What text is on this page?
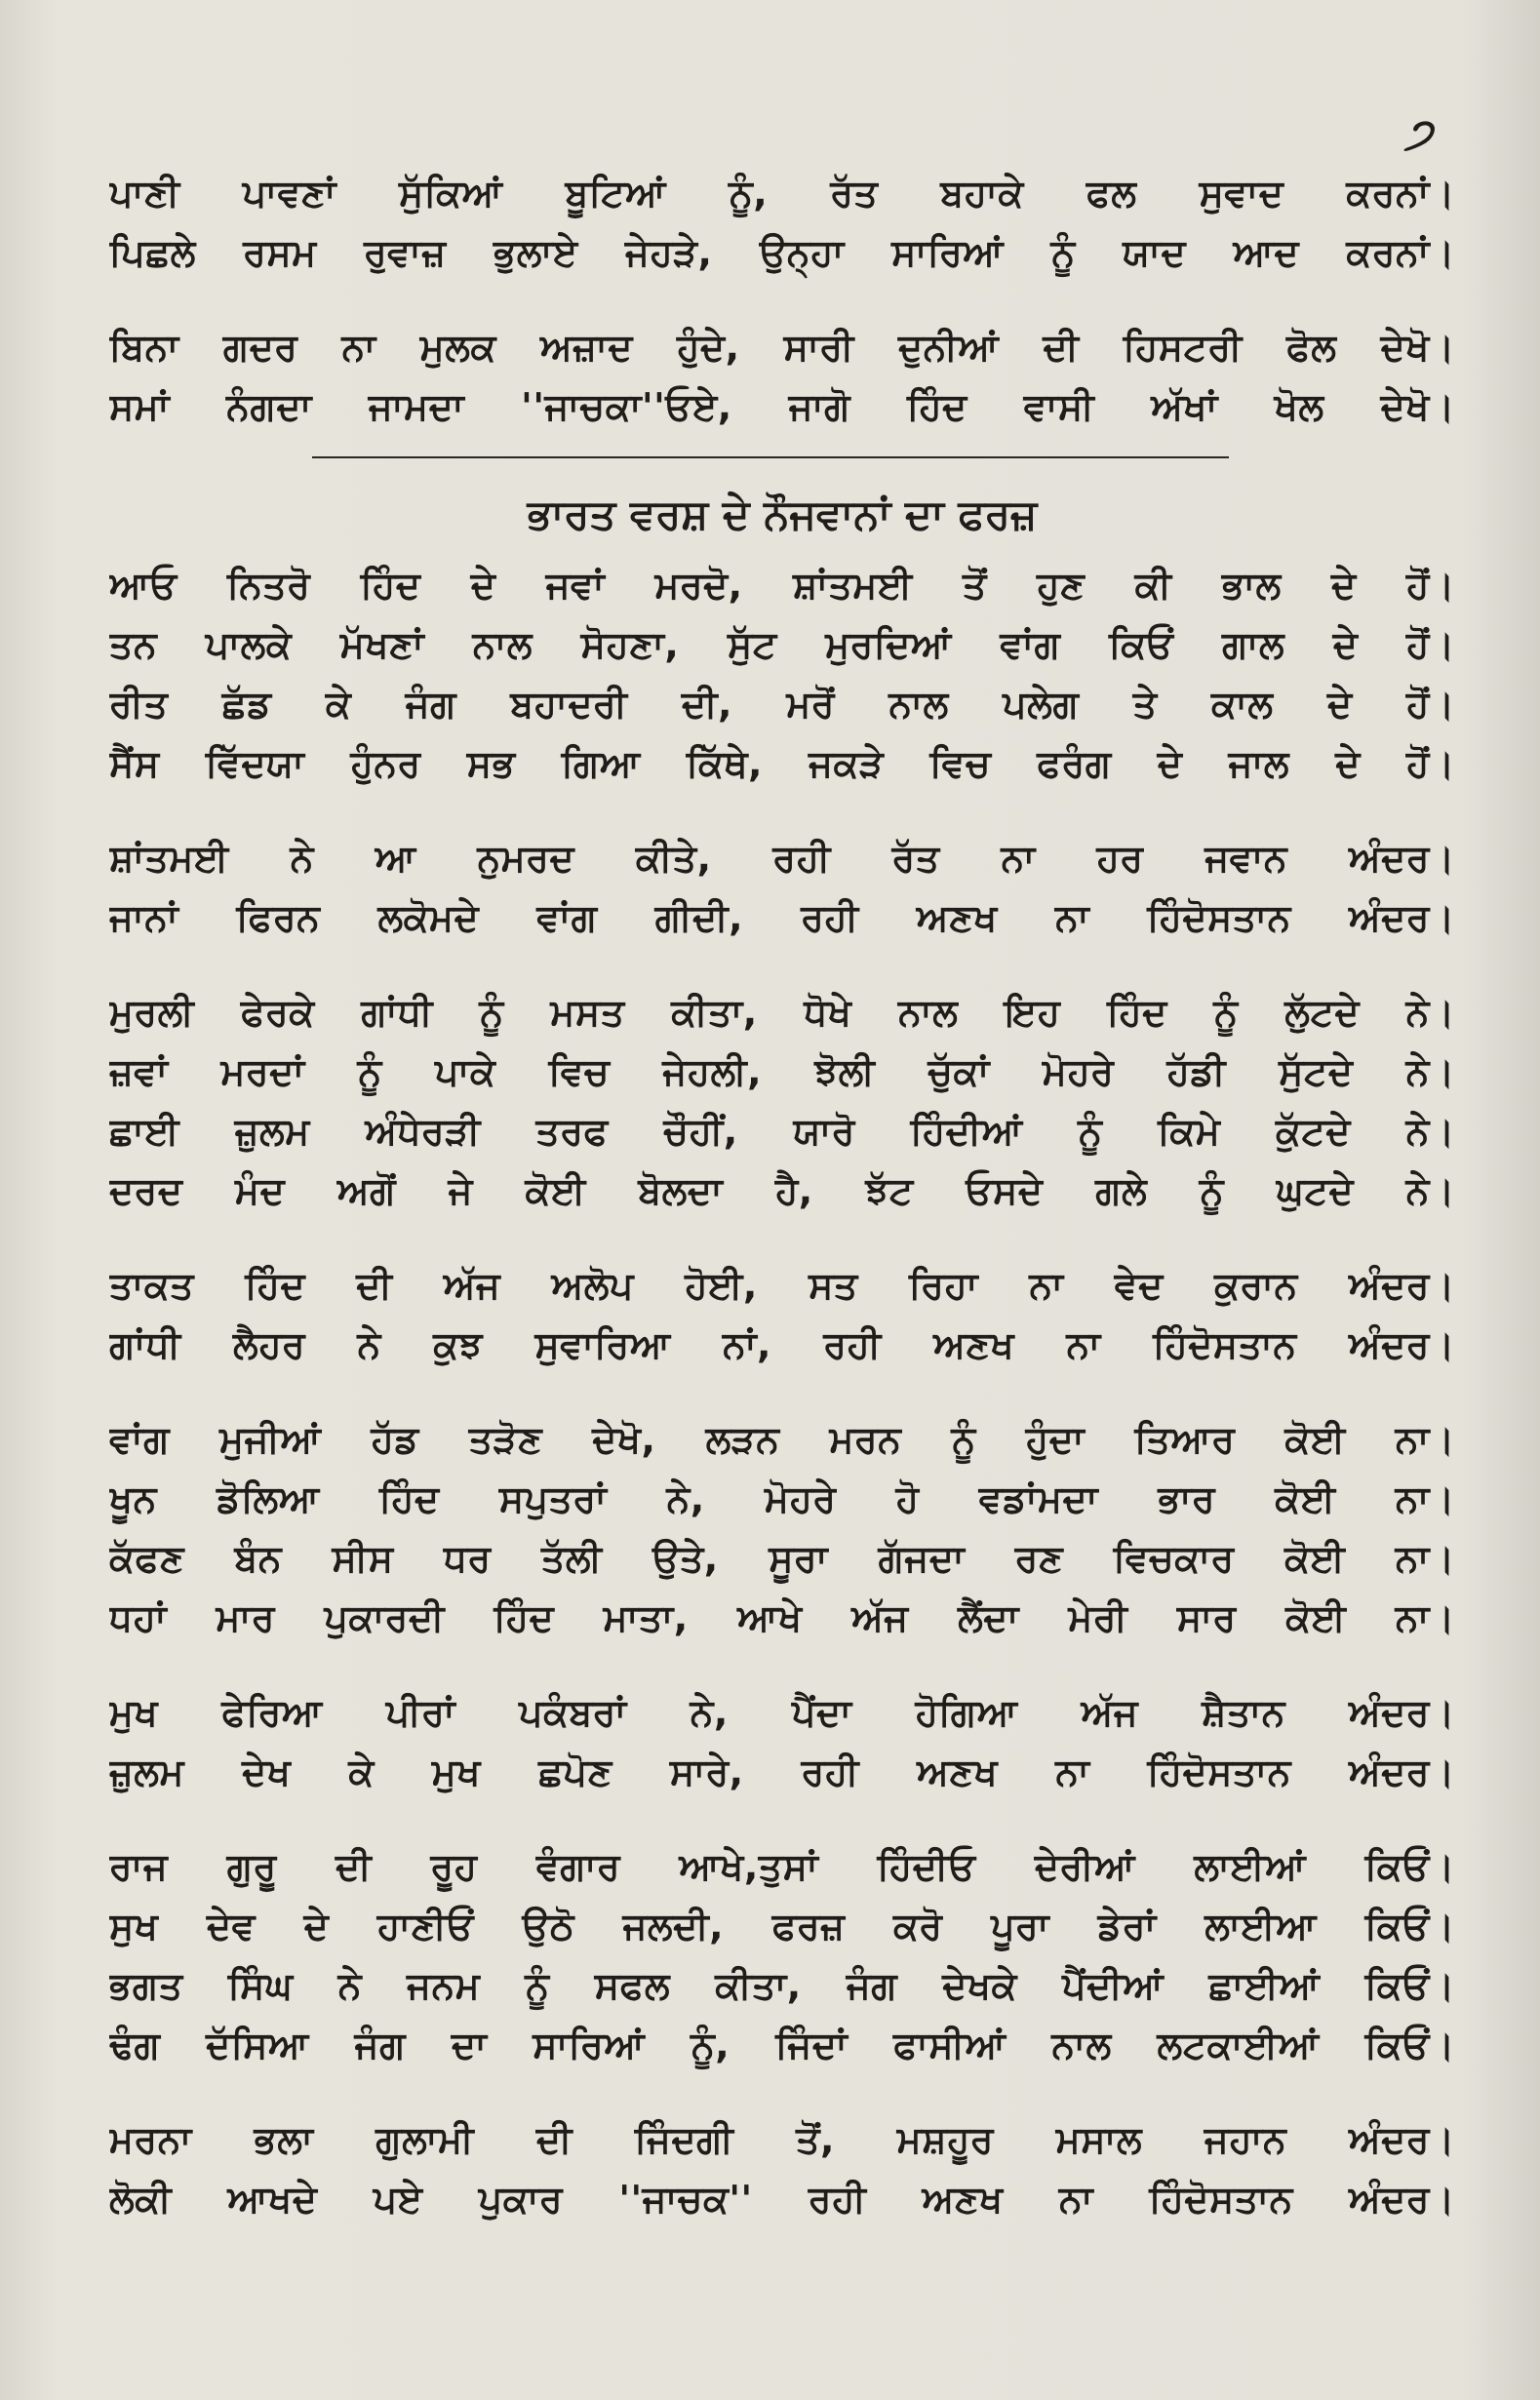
੭
ਪਾਣੀ ਪਾਵਣਾਂ ਸੁੱਕਿਆਂ ਬੂਟਿਆਂ ਨੂੰ, ਰੱਤ ਬਹਾਕੇ ਫਲ ਸੁਵਾਦ ਕਰਨਾਂ।
ਪਿਛਲੇ ਰਸਮ ਰੁਵਾਜ਼ ਭੁਲਾਏ ਜੇਹੜੇ, ਉਨ੍ਹਾ ਸਾਰਿਆਂ ਨੂੰ ਯਾਦ ਆਦ ਕਰਨਾਂ।
ਬਿਨਾ ਗਦਰ ਨਾ ਮੁਲਕ ਅਜ਼ਾਦ ਹੁੰਦੇ, ਸਾਰੀ ਦੁਨੀਆਂ ਦੀ ਹਿਸਟਰੀ ਫੋਲ ਦੇਖੋ।
ਸਮਾਂ ਨੰਗਦਾ ਜਾਮਦਾ ''ਜਾਚਕਾ''ਓਏ, ਜਾਗੋ ਹਿੰਦ ਵਾਸੀ ਅੱਖਾਂ ਖੋਲ ਦੇਖੋ।
ਭਾਰਤ ਵਰਸ਼ ਦੇ ਨੌਜਵਾਨਾਂ ਦਾ ਫਰਜ਼
ਆਓ ਨਿਤਰੋ ਹਿੰਦ ਦੇ ਜਵਾਂ ਮਰਦੋ, ਸ਼ਾਂਤਮਈ ਤੋਂ ਹੁਣ ਕੀ ਭਾਲ ਦੇ ਹੋਂ।
ਤਨ ਪਾਲਕੇ ਮੱਖਣਾਂ ਨਾਲ ਸੋਹਣਾ, ਸੁੱਟ ਮੁਰਦਿਆਂ ਵਾਂਗ ਕਿਓਂ ਗਾਲ ਦੇ ਹੋਂ।
ਰੀਤ ਛੱਡ ਕੇ ਜੰਗ ਬਹਾਦਰੀ ਦੀ, ਮਰੋਂ ਨਾਲ ਪਲੇਗ ਤੇ ਕਾਲ ਦੇ ਹੋਂ।
ਸੈਂਸ ਵਿੱਦਯਾ ਹੁੰਨਰ ਸਭ ਗਿਆ ਕਿੱਥੇ, ਜਕੜੇ ਵਿਚ ਫਰੰਗ ਦੇ ਜਾਲ ਦੇ ਹੋਂ।
ਸ਼ਾਂਤਮਈ ਨੇ ਆ ਨੁਮਰਦ ਕੀਤੇ, ਰਹੀ ਰੱਤ ਨਾ ਹਰ ਜਵਾਨ ਅੰਦਰ।
ਜਾਨਾਂ ਫਿਰਨ ਲਕੋਮਦੇ ਵਾਂਗ ਗੀਦੀ, ਰਹੀ ਅਣਖ ਨਾ ਹਿੰਦੋਸਤਾਨ ਅੰਦਰ।
ਮੁਰਲੀ ਫੇਰਕੇ ਗਾਂਧੀ ਨੂੰ ਮਸਤ ਕੀਤਾ, ਧੋਖੇ ਨਾਲ ਇਹ ਹਿੰਦ ਨੂੰ ਲੁੱਟਦੇ ਨੇ।
ਜ਼ਵਾਂ ਮਰਦਾਂ ਨੂੰ ਪਾਕੇ ਵਿਚ ਜੇਹਲੀ, ਝੋਲੀ ਚੁੱਕਾਂ ਮੋਹਰੇ ਹੱਡੀ ਸੁੱਟਦੇ ਨੇ।
ਛਾਈ ਜ਼ੁਲਮ ਅੰਧੇਰੜੀ ਤਰਫ ਚੌਹੀਂ, ਯਾਰੋ ਹਿੰਦੀਆਂ ਨੂੰ ਕਿਮੇ ਕੁੱਟਦੇ ਨੇ।
ਦਰਦ ਮੰਦ ਅਗੋਂ ਜੇ ਕੋਈ ਬੋਲਦਾ ਹੈ, ਝੱਟ ਓਸਦੇ ਗਲੇ ਨੂੰ ਘੁਟਦੇ ਨੇ।
ਤਾਕਤ ਹਿੰਦ ਦੀ ਅੱਜ ਅਲੋਪ ਹੋਈ, ਸਤ ਰਿਹਾ ਨਾ ਵੇਦ ਕੁਰਾਨ ਅੰਦਰ।
ਗਾਂਧੀ ਲੈਹਰ ਨੇ ਕੁਝ ਸੁਵਾਰਿਆ ਨਾਂ, ਰਹੀ ਅਣਖ ਨਾ ਹਿੰਦੋਸਤਾਨ ਅੰਦਰ।
ਵਾਂਗ ਮੁਜੀਆਂ ਹੱਡ ਤੜੋਣ ਦੇਖੋ, ਲੜਨ ਮਰਨ ਨੂੰ ਹੁੰਦਾ ਤਿਆਰ ਕੋਈ ਨਾ।
ਖੂਨ ਡੋਲਿਆ ਹਿੰਦ ਸਪੁਤਰਾਂ ਨੇ, ਮੋਹਰੇ ਹੋ ਵਡਾਂਮਦਾ ਭਾਰ ਕੋਈ ਨਾ।
ਕੱਫਣ ਬੰਨ ਸੀਸ ਧਰ ਤੱਲੀ ਉਤੇ, ਸੂਰਾ ਗੱਜਦਾ ਰਣ ਵਿਚਕਾਰ ਕੋਈ ਨਾ।
ਧਹਾਂ ਮਾਰ ਪੁਕਾਰਦੀ ਹਿੰਦ ਮਾਤਾ, ਆਖੇ ਅੱਜ ਲੈਂਦਾ ਮੇਰੀ ਸਾਰ ਕੋਈ ਨਾ।
ਮੁਖ ਫੇਰਿਆ ਪੀਰਾਂ ਪਕੰਬਰਾਂ ਨੇ, ਪੈਂਦਾ ਹੋਗਿਆ ਅੱਜ ਸ਼ੈਤਾਨ ਅੰਦਰ।
ਜ਼ੁਲਮ ਦੇਖ ਕੇ ਮੁਖ ਛਪੋਣ ਸਾਰੇ, ਰਹੀ ਅਣਖ ਨਾ ਹਿੰਦੋਸਤਾਨ ਅੰਦਰ।
ਰਾਜ ਗੁਰੂ ਦੀ ਰੂਹ ਵੰਗਾਰ ਆਖੇ,ਤੁਸਾਂ ਹਿੰਦੀਓ ਦੇਰੀਆਂ ਲਾਈਆਂ ਕਿਓਂ।
ਸੁਖ ਦੇਵ ਦੇ ਹਾਣੀਓਂ ਉਠੋ ਜਲਦੀ, ਫਰਜ਼ ਕਰੋ ਪੂਰਾ ਡੇਰਾਂ ਲਾਈਆ ਕਿਓਂ।
ਭਗਤ ਸਿੰਘ ਨੇ ਜਨਮ ਨੂੰ ਸਫਲ ਕੀਤਾ, ਜੰਗ ਦੇਖਕੇ ਪੈਂਦੀਆਂ ਛਾਈਆਂ ਕਿਓਂ।
ਢੰਗ ਦੱਸਿਆ ਜੰਗ ਦਾ ਸਾਰਿਆਂ ਨੂੰ, ਜਿੰਦਾਂ ਫਾਸੀਆਂ ਨਾਲ ਲਟਕਾਈਆਂ ਕਿਓਂ।
ਮਰਨਾ ਭਲਾ ਗੁਲਾਮੀ ਦੀ ਜਿੰਦਗੀ ਤੋਂ, ਮਸ਼ਹੂਰ ਮਸਾਲ ਜਹਾਨ ਅੰਦਰ।
ਲੋਕੀ ਆਖਦੇ ਪਏ ਪੁਕਾਰ ''ਜਾਚਕ'' ਰਹੀ ਅਣਖ ਨਾ ਹਿੰਦੋਸਤਾਨ ਅੰਦਰ।
